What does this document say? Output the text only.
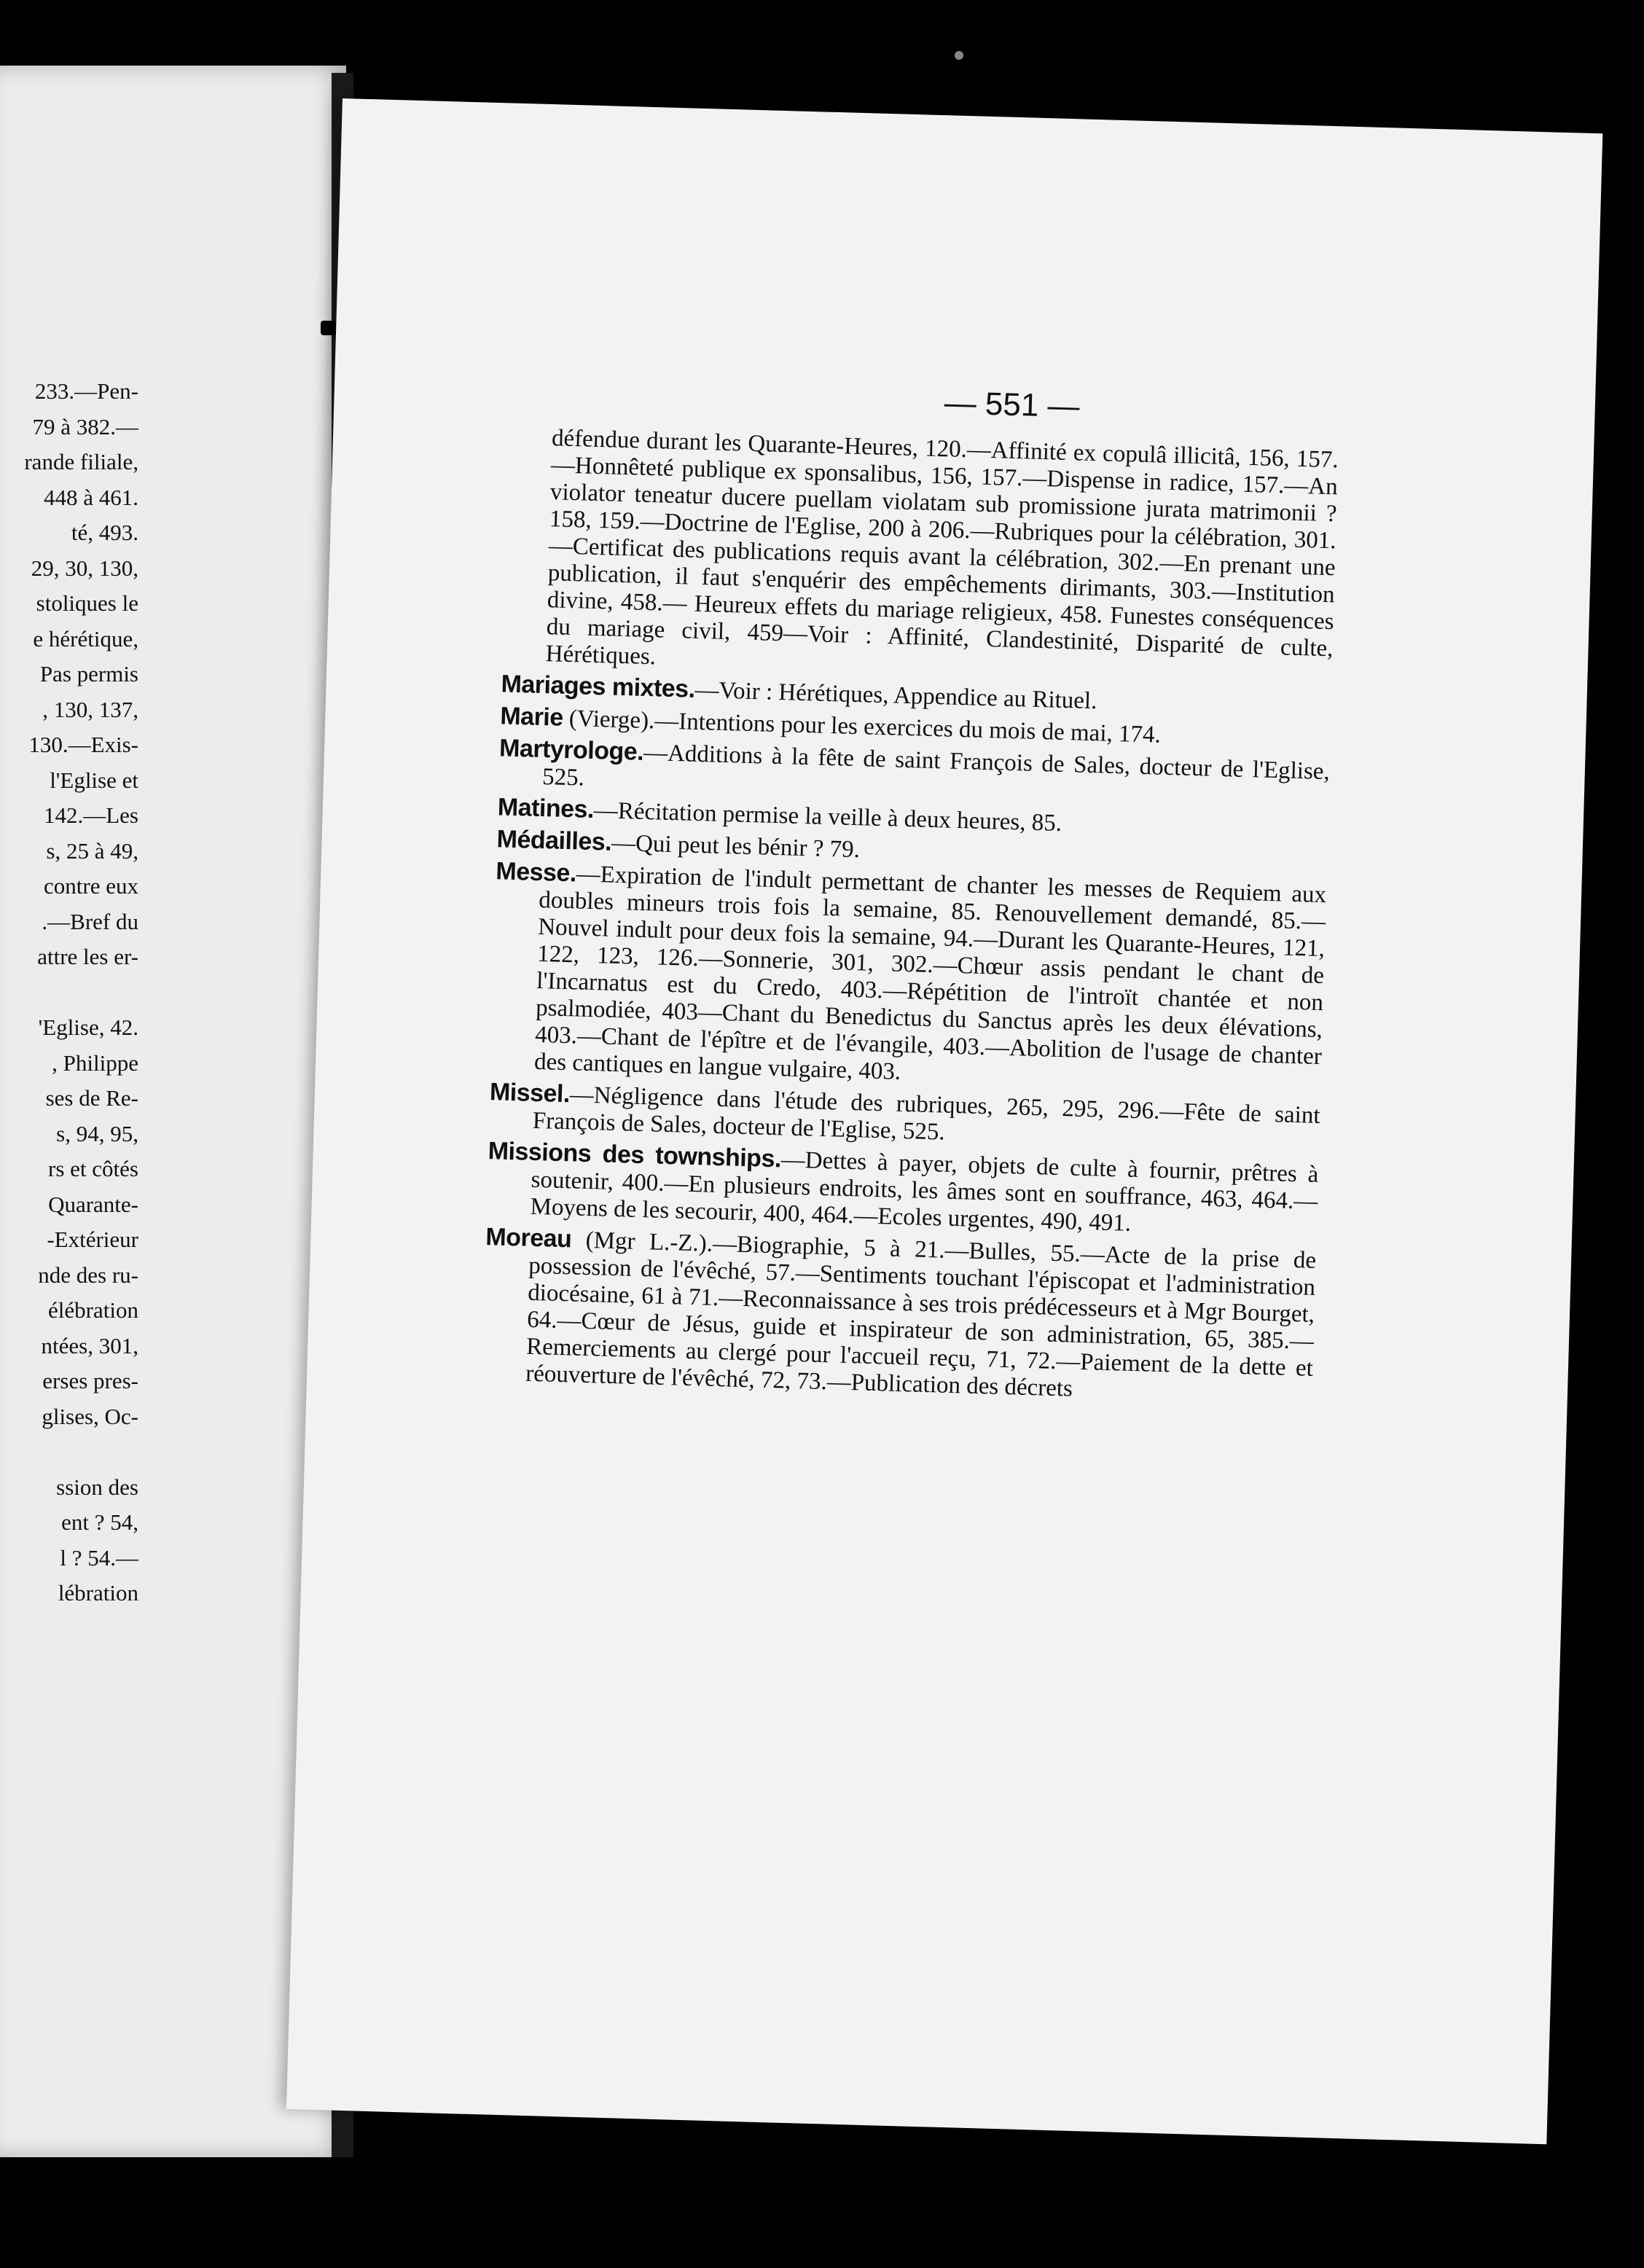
233.—Pen-
79 à 382.—
rande filiale,
448 à 461.
té, 493.
29, 30, 130,
stoliques le
e hérétique,
Pas permis
, 130, 137,
130.—Exis-
l'Eglise et
142.—Les
s, 25 à 49,
contre eux
.—Bref du
attre les er-
'Eglise, 42.
, Philippe
ses de Re-
s, 94, 95,
rs et côtés
Quarante-
-Extérieur
nde des ru-
élébration
ntées, 301,
erses pres-
glises, Oc-
ssion des
ent ? 54,
l ? 54.—
lébration
— 551 —

défendue durant les Quarante-Heures, 120.—Affinité ex copulâ illicitâ, 156, 157.—Honnêteté publique ex sponsalibus, 156, 157.—Dispense in radice, 157.—An violator teneatur ducere puellam violatam sub promissione jurata matrimonii ? 158, 159.—Doctrine de l'Eglise, 200 à 206.—Rubriques pour la célébration, 301.—Certificat des publications requis avant la célébration, 302.—En prenant une publication, il faut s'enquérir des empêchements dirimants, 303.—Institution divine, 458.— Heureux effets du mariage religieux, 458. Funestes conséquences du mariage civil, 459—Voir : Affinité, Clandestinité, Disparité de culte, Hérétiques.

Mariages mixtes.—Voir : Hérétiques, Appendice au Rituel.

Marie (Vierge).—Intentions pour les exercices du mois de mai, 174.

Martyrologe.—Additions à la fête de saint François de Sales, docteur de l'Eglise, 525.

Matines.—Récitation permise la veille à deux heures, 85.

Médailles.—Qui peut les bénir ? 79.

Messe.—Expiration de l'indult permettant de chanter les messes de Requiem aux doubles mineurs trois fois la semaine, 85. Renouvellement demandé, 85.—Nouvel indult pour deux fois la semaine, 94.—Durant les Quarante-Heures, 121, 122, 123, 126.—Sonnerie, 301, 302.—Chœur assis pendant le chant de l'Incarnatus est du Credo, 403.—Répétition de l'introït chantée et non psalmodiée, 403—Chant du Benedictus du Sanctus après les deux élévations, 403.—Chant de l'épître et de l'évangile, 403.—Abolition de l'usage de chanter des cantiques en langue vulgaire, 403.

Missel.—Négligence dans l'étude des rubriques, 265, 295, 296.—Fête de saint François de Sales, docteur de l'Eglise, 525.

Missions des townships.—Dettes à payer, objets de culte à fournir, prêtres à soutenir, 400.—En plusieurs endroits, les âmes sont en souffrance, 463, 464.—Moyens de les secourir, 400, 464.—Ecoles urgentes, 490, 491.

Moreau (Mgr L.-Z.).—Biographie, 5 à 21.—Bulles, 55.—Acte de la prise de possession de l'évêché, 57.—Sentiments touchant l'épiscopat et l'administration diocésaine, 61 à 71.—Reconnaissance à ses trois prédécesseurs et à Mgr Bourget, 64.—Cœur de Jésus, guide et inspirateur de son administration, 65, 385.—Remerciements au clergé pour l'accueil reçu, 71, 72.—Paiement de la dette et réouverture de l'évêché, 72, 73.—Publication des décrets
